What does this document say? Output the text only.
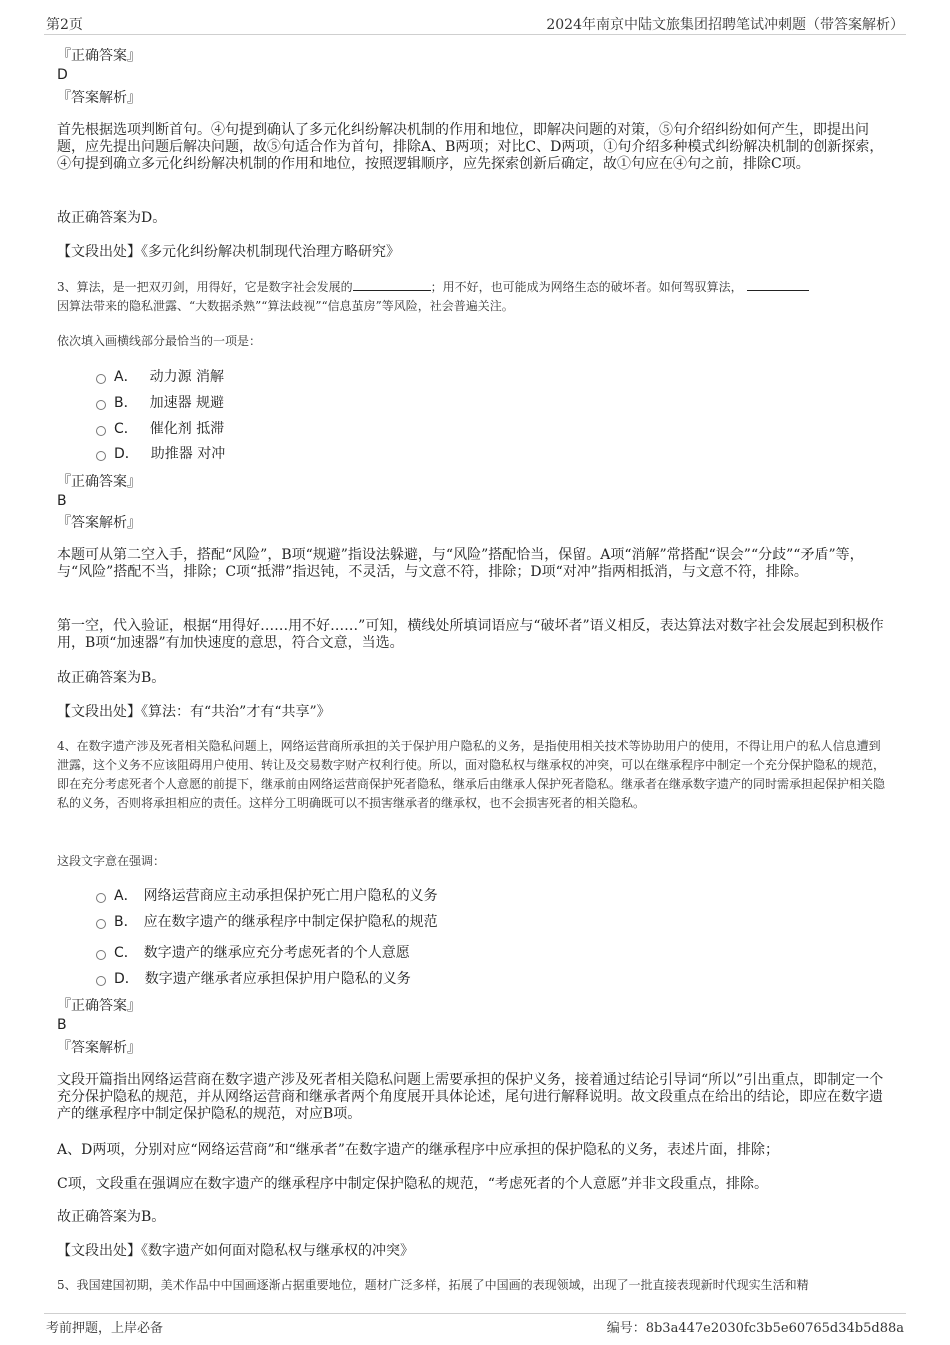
第2页	2024年南京中陆文旅集团招聘笔试冲刺题（带答案解析）
『正确答案』
D
『答案解析』
首先根据选项判断首句。④句提到确认了多元化纠纷解决机制的作用和地位，即解决问题的对策，⑤句介绍纠纷如何产生，即提出问题，应先提出问题后解决问题，故⑤句适合作为首句，排除A、B两项；对比C、D两项，①句介绍多种模式纠纷解决机制的创新探索，④句提到确立多元化纠纷解决机制的作用和地位，按照逻辑顺序，应先探索创新后确定，故①句应在④句之前，排除C项。
故正确答案为D。
【文段出处】《多元化纠纷解决机制现代治理方略研究》
3、算法，是一把双刃剑，用得好，它是数字社会发展的	；用不好，也可能成为网络生态的破坏者。如何驾驭算法，
因算法带来的隐私泄露、“大数据杀熟”“算法歧视”“信息茧房”等风险，社会普遍关注。
依次填入画横线部分最恰当的一项是：
A． 动力源 消解
B． 加速器 规避
C． 催化剂 抵滞
D． 助推器 对冲
『正确答案』
B
『答案解析』
本题可从第二空入手，搭配“风险”，B项“规避”指设法躲避，与“风险”搭配恰当，保留。A项“消解”常搭配“误会”“分歧”“矛盾”等，与“风险”搭配不当，排除；C项“抵滞”指迟钝，不灵活，与文意不符，排除；D项“对冲”指两相抵消，与文意不符，排除。
第一空，代入验证，根据“用得好……用不好……”可知，横线处所填词语应与“破坏者”语义相反，表达算法对数字社会发展起到积极作用，B项“加速器”有加快速度的意思，符合文意，当选。
故正确答案为B。
【文段出处】《算法：有“共治”才有“共享”》
4、在数字遗产涉及死者相关隐私问题上，网络运营商所承担的关于保护用户隐私的义务，是指使用相关技术等协助用户的使用，不得让用户的私人信息遭到泄露，这个义务不应该阻碍用户使用、转让及交易数字财产权利行使。所以，面对隐私权与继承权的冲突，可以在继承程序中制定一个充分保护隐私的规范，即在充分考虑死者个人意愿的前提下，继承前由网络运营商保护死者隐私，继承后由继承人保护死者隐私。继承者在继承数字遗产的同时需承担起保护相关隐私的义务，否则将承担相应的责任。这样分工明确既可以不损害继承者的继承权，也不会损害死者的相关隐私。
这段文字意在强调：
A． 网络运营商应主动承担保护死亡用户隐私的义务
B． 应在数字遗产的继承程序中制定保护隐私的规范
C． 数字遗产的继承应充分考虑死者的个人意愿
D． 数字遗产继承者应承担保护用户隐私的义务
『正确答案』
B
『答案解析』
文段开篇指出网络运营商在数字遗产涉及死者相关隐私问题上需要承担的保护义务，接着通过结论引导词“所以”引出重点，即制定一个充分保护隐私的规范，并从网络运营商和继承者两个角度展开具体论述，尾句进行解释说明。故文段重点在给出的结论，即应在数字遗产的继承程序中制定保护隐私的规范，对应B项。
A、D两项，分别对应“网络运营商”和“继承者”在数字遗产的继承程序中应承担的保护隐私的义务，表述片面，排除；
C项，文段重在强调应在数字遗产的继承程序中制定保护隐私的规范，“考虑死者的个人意愿”并非文段重点，排除。
故正确答案为B。
【文段出处】《数字遗产如何面对隐私权与继承权的冲突》
5、我国建国初期，美术作品中中国画逐渐占据重要地位，题材广泛多样，拓展了中国画的表现领域，出现了一批直接表现新时代现实生活和精
考前押题，上岸必备	编号：8b3a447e2030fc3b5e60765d34b5d88a
